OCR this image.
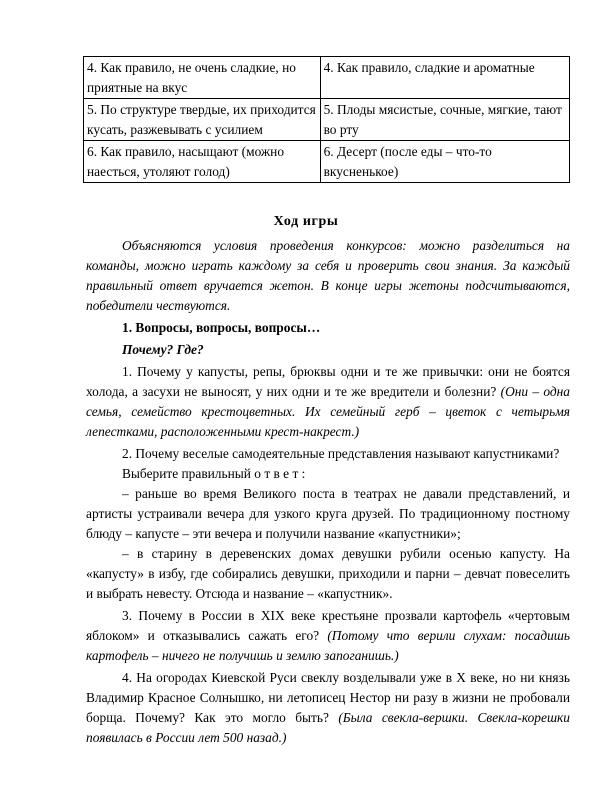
4. Как правило, не очень сладкие, но приятные на вкус	4. Как правило, сладкие и ароматные
5. По структуре твердые, их приходится кусать, разжевывать с усилием	5. Плоды мясистые, сочные, мягкие, тают во рту
6. Как правило, насыщают (можно наесться, утоляют голод)	6. Десерт (после еды – что-то вкусненькое)
Ход игры

Объясняются условия проведения конкурсов: можно разделиться на команды, можно играть каждому за себя и проверить свои знания. За каждый правильный ответ вручается жетон. В конце игры жетоны подсчитываются, победители чествуются.

1. Вопросы, вопросы, вопросы…

Почему? Где?

1. Почему у капусты, репы, брюквы одни и те же привычки: они не боятся холода, а засухи не выносят, у них одни и те же вредители и болезни? (Они – одна семья, семейство крестоцветных. Их семейный герб – цветок с четырьмя лепестками, расположенными крест-накрест.)

2. Почему веселые самодеятельные представления называют капустниками?

Выберите правильный о т в е т :

– раньше во время Великого поста в театрах не давали представлений, и артисты устраивали вечера для узкого круга друзей. По традиционному постному блюду – капусте – эти вечера и получили название «капустники»;

– в старину в деревенских домах девушки рубили осенью капусту. На «капусту» в избу, где собирались девушки, приходили и парни – девчат повеселить и выбрать невесту. Отсюда и название – «капустник».

3. Почему в России в XIX веке крестьяне прозвали картофель «чертовым яблоком» и отказывались сажать его? (Потому что верили слухам: посадишь картофель – ничего не получишь и землю запоганишь.)

4. На огородах Киевской Руси свеклу возделывали уже в X веке, но ни князь Владимир Красное Солнышко, ни летописец Нестор ни разу в жизни не пробовали борща. Почему? Как это могло быть? (Была свекла-вершки. Свекла-корешки появилась в России лет 500 назад.)
